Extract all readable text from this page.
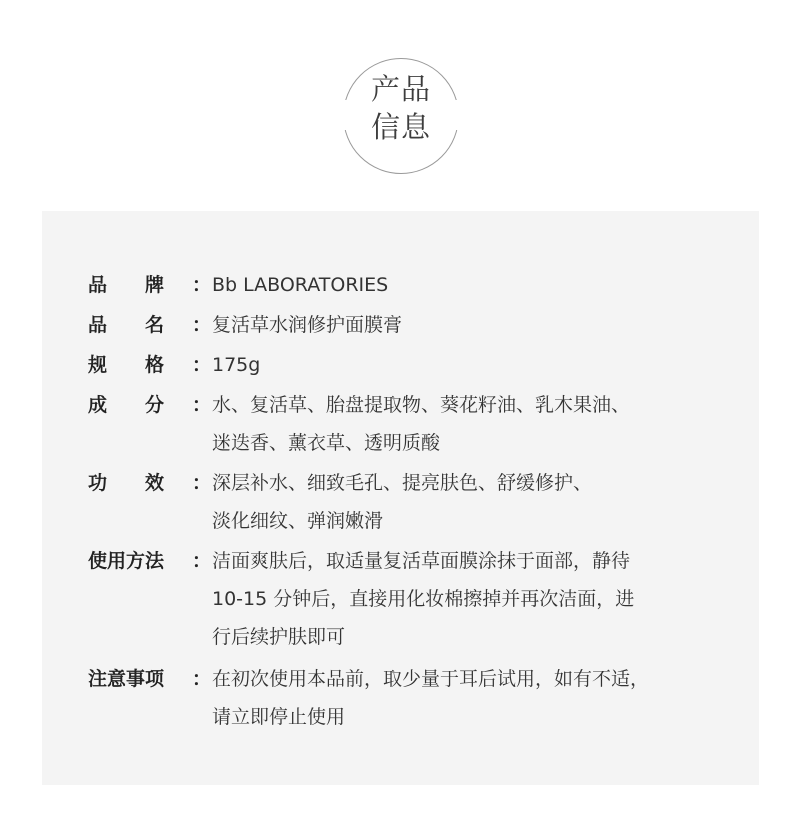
产品
信息
品 牌 ： Bb LABORATORIES
品 名 ： 复活草水润修护面膜膏
规 格 ： 175g
成 分 ： 水、复活草、胎盘提取物、葵花籽油、乳木果油、
迷迭香、薰衣草、透明质酸
功 效 ： 深层补水、细致毛孔、提亮肤色、舒缓修护、
淡化细纹、弹润嫩滑
使用方法 ： 洁面爽肤后，取适量复活草面膜涂抹于面部，静待
10-15 分钟后，直接用化妆棉擦掉并再次洁面，进
行后续护肤即可
注意事项 ： 在初次使用本品前，取少量于耳后试用，如有不适，
请立即停止使用
